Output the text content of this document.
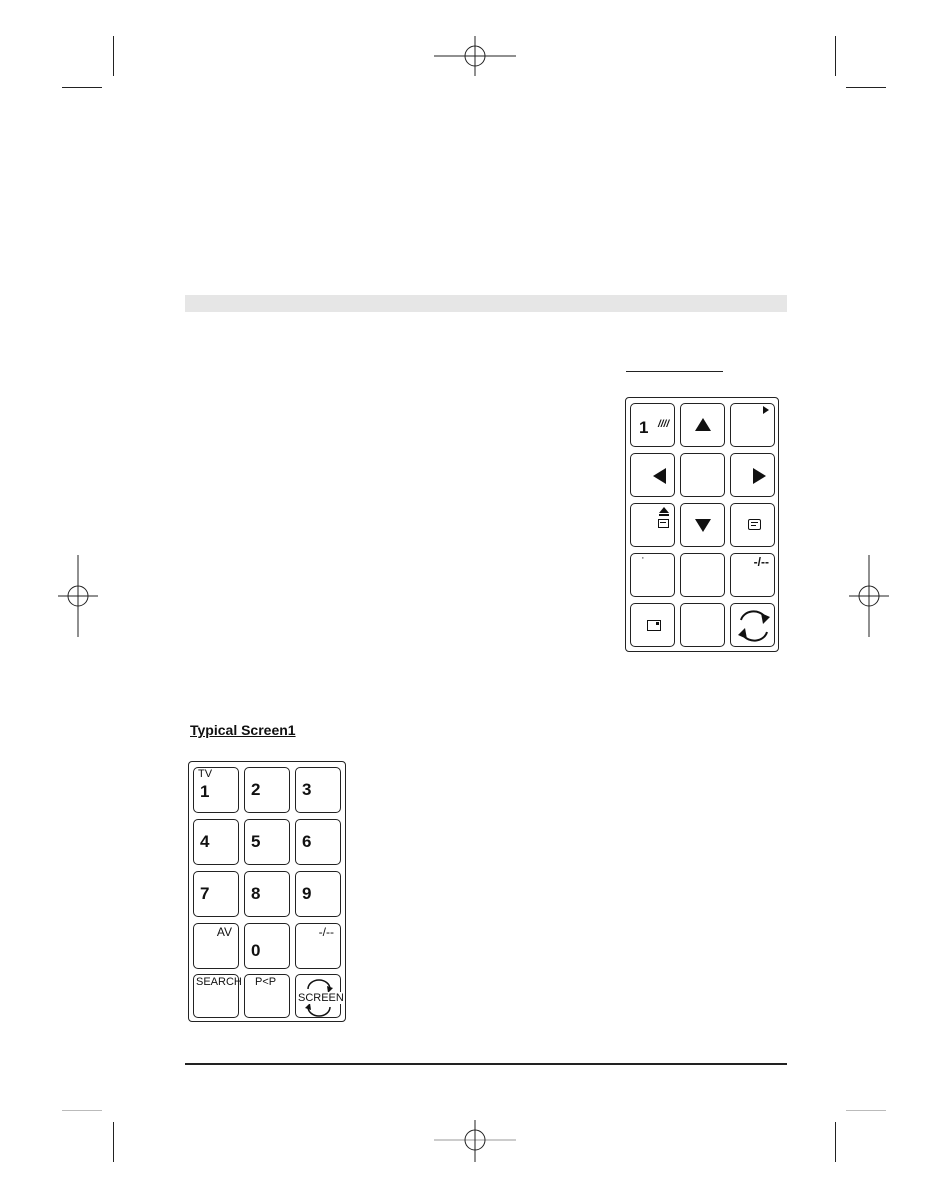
Typical Screen1
TV
1 2 3
4 5 6
7 8 9
AV
0
-/--
SEARCH P<P
SCREEN
1 ////
·	-/--
